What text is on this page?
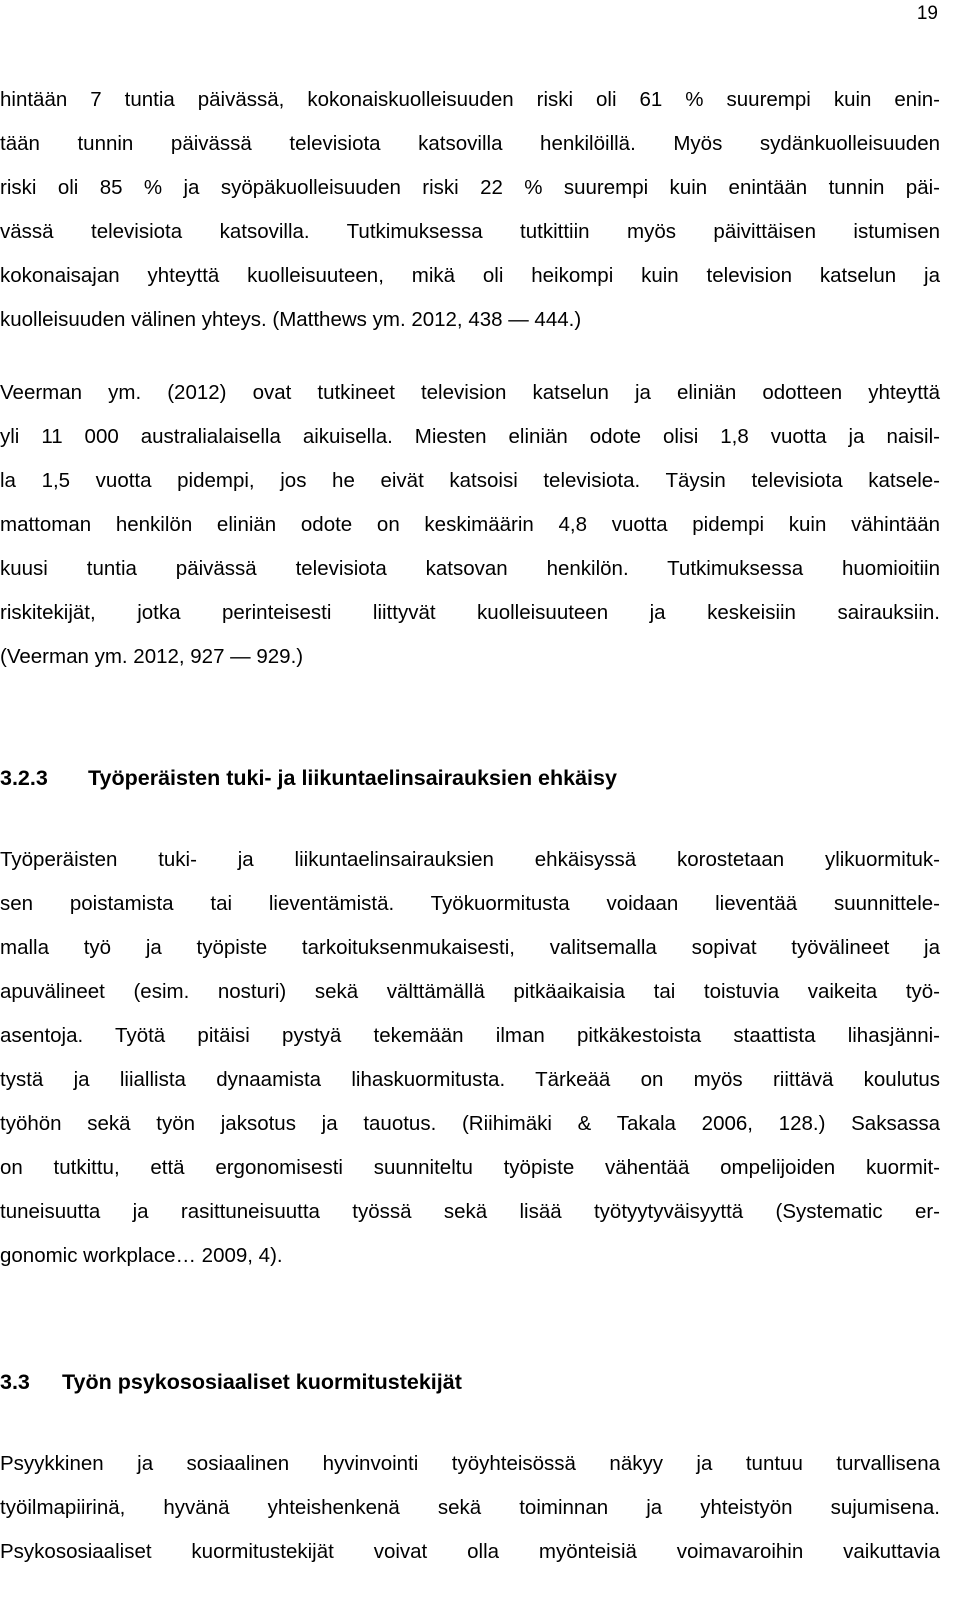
19

hintään 7 tuntia päivässä, kokonaiskuolleisuuden riski oli 61 % suurempi kuin enin-
tään tunnin päivässä televisiota katsovilla henkilöillä. Myös sydänkuolleisuuden
riski oli 85 % ja syöpäkuolleisuuden riski 22 % suurempi kuin enintään tunnin päi-
vässä televisiota katsovilla. Tutkimuksessa tutkittiin myös päivittäisen istumisen
kokonaisajan yhteyttä kuolleisuuteen, mikä oli heikompi kuin television katselun ja
kuolleisuuden välinen yhteys. (Matthews ym. 2012, 438 — 444.)

Veerman ym. (2012) ovat tutkineet television katselun ja eliniän odotteen yhteyttä
yli 11 000 australialaisella aikuisella. Miesten eliniän odote olisi 1,8 vuotta ja naisil-
la 1,5 vuotta pidempi, jos he eivät katsoisi televisiota. Täysin televisiota katsele-
mattoman henkilön eliniän odote on keskimäärin 4,8 vuotta pidempi kuin vähintään
kuusi tuntia päivässä televisiota katsovan henkilön. Tutkimuksessa huomioitiin
riskitekijät, jotka perinteisesti liittyvät kuolleisuuteen ja keskeisiin sairauksiin.
(Veerman ym. 2012, 927 — 929.)

3.2.3 Työperäisten tuki- ja liikuntaelinsairauksien ehkäisy

Työperäisten tuki- ja liikuntaelinsairauksien ehkäisyssä korostetaan ylikuormituk-
sen poistamista tai lieventämistä. Työkuormitusta voidaan lieventää suunnittele-
malla työ ja työpiste tarkoituksenmukaisesti, valitsemalla sopivat työvälineet ja
apuvälineet (esim. nosturi) sekä välttämällä pitkäaikaisia tai toistuvia vaikeita työ-
asentoja. Työtä pitäisi pystyä tekemään ilman pitkäkestoista staattista lihasjänni-
tystä ja liiallista dynaamista lihaskuormitusta. Tärkeää on myös riittävä koulutus
työhön sekä työn jaksotus ja tauotus. (Riihimäki & Takala 2006, 128.) Saksassa
on tutkittu, että ergonomisesti suunniteltu työpiste vähentää ompelijoiden kuormit-
tuneisuutta ja rasittuneisuutta työssä sekä lisää työtyytyväisyyttä (Systematic er-
gonomic workplace… 2009, 4).

3.3 Työn psykososiaaliset kuormitustekijät

Psyykkinen ja sosiaalinen hyvinvointi työyhteisössä näkyy ja tuntuu turvallisena
työilmapiirinä, hyvänä yhteishenkenä sekä toiminnan ja yhteistyön sujumisena.
Psykososiaaliset kuormitustekijät voivat olla myönteisiä voimavaroihin vaikuttavia
